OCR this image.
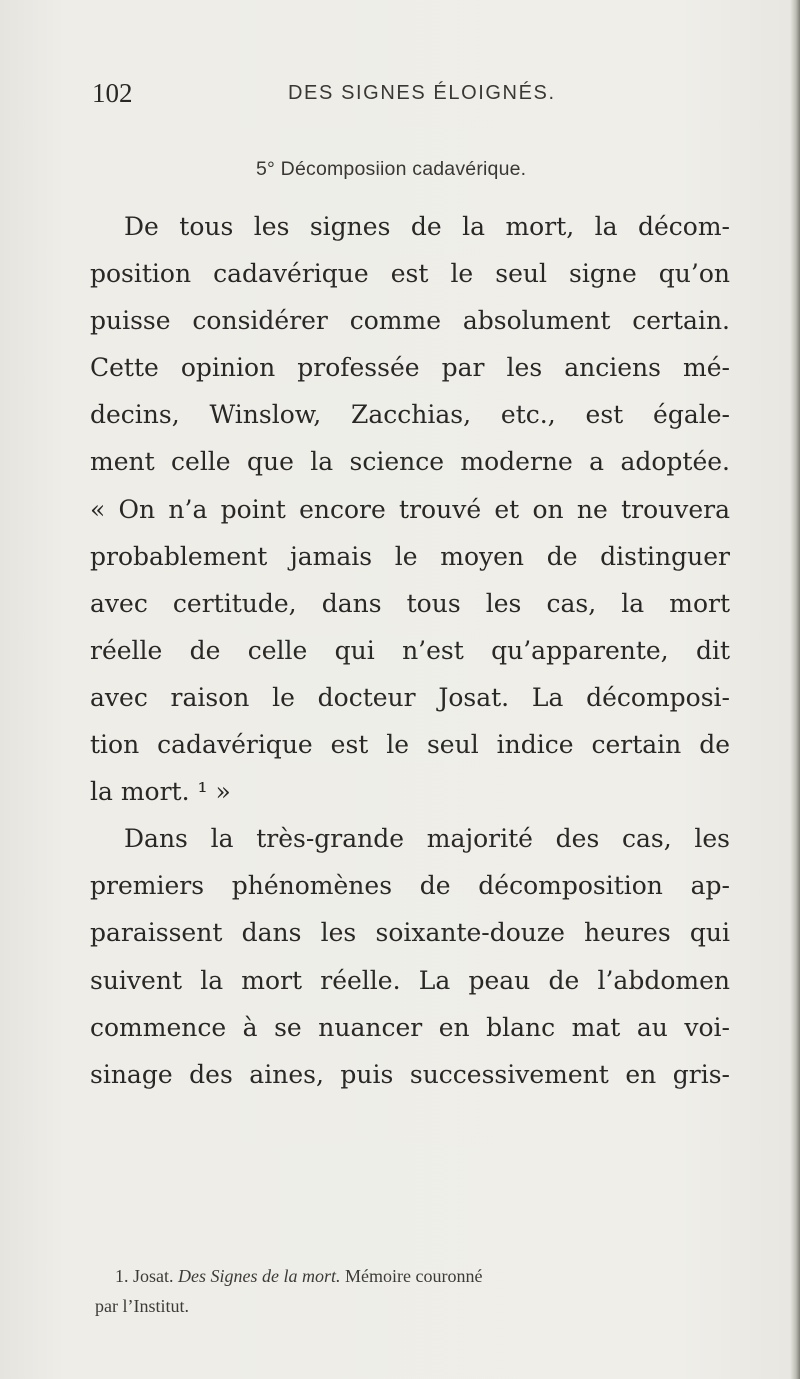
102	DES SIGNES ÉLOIGNÉS.
5° Décomposiion cadavérique.
De tous les signes de la mort, la décom-
position cadavérique est le seul signe qu’on
puisse considérer comme absolument certain.
Cette opinion professée par les anciens mé-
decins, Winslow, Zacchias, etc., est égale-
ment celle que la science moderne a adoptée.
« On n’a point encore trouvé et on ne trouvera
probablement jamais le moyen de distinguer
avec certitude, dans tous les cas, la mort
réelle de celle qui n’est qu’apparente, dit
avec raison le docteur Josat. La décomposi-
tion cadavérique est le seul indice certain de
la mort. ¹ »
Dans la très-grande majorité des cas, les
premiers phénomènes de décomposition ap-
paraissent dans les soixante-douze heures qui
suivent la mort réelle. La peau de l’abdomen
commence à se nuancer en blanc mat au voi-
sinage des aines, puis successivement en gris-
1. Josat. Des Signes de la mort. Mémoire couronné
par l’Institut.
